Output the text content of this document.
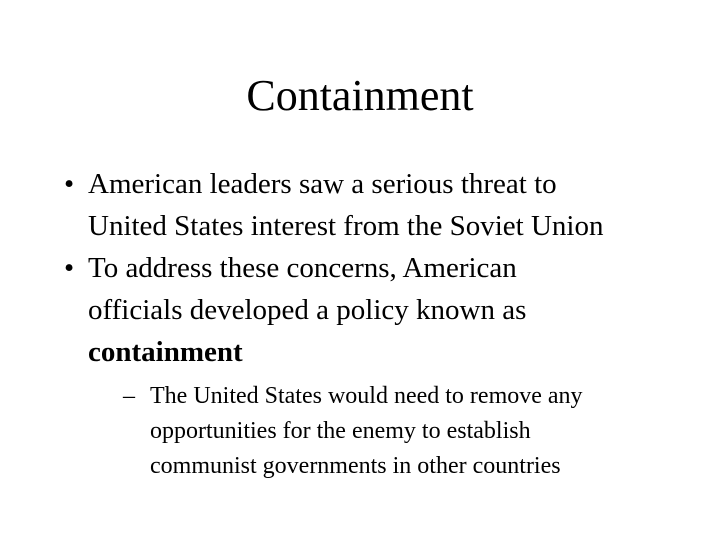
Containment
• American leaders saw a serious threat to
United States interest from the Soviet Union
• To address these concerns, American
officials developed a policy known as
containment
– The United States would need to remove any
opportunities for the enemy to establish
communist governments in other countries
